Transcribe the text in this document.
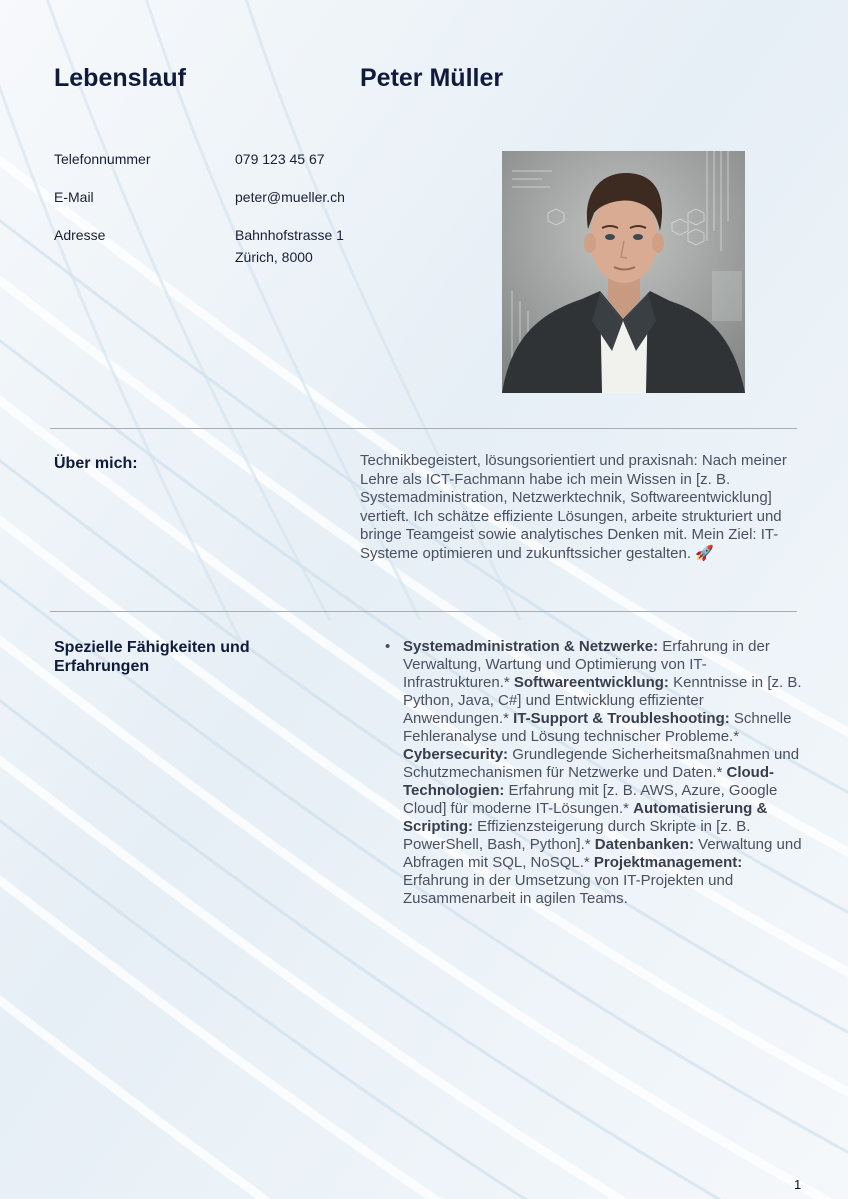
Lebenslauf	Peter Müller
Telefonnummer	079 123 45 67
E-Mail	peter@mueller.ch
Adresse	Bahnhofstrasse 1
Zürich, 8000
Über mich:	Technikbegeistert, lösungsorientiert und praxisnah: Nach meiner Lehre als ICT-Fachmann habe ich mein Wissen in [z. B. Systemadministration, Netzwerktechnik, Softwareentwicklung] vertieft. Ich schätze effiziente Lösungen, arbeite strukturiert und bringe Teamgeist sowie analytisches Denken mit. Mein Ziel: IT-Systeme optimieren und zukunftssicher gestalten. 🚀

Spezielle Fähigkeiten und Erfahrungen
• Systemadministration & Netzwerke: Erfahrung in der Verwaltung, Wartung und Optimierung von IT-Infrastrukturen.* Softwareentwicklung: Kenntnisse in [z. B. Python, Java, C#] und Entwicklung effizienter Anwendungen.* IT-Support & Troubleshooting: Schnelle Fehleranalyse und Lösung technischer Probleme.* Cybersecurity: Grundlegende Sicherheitsmaßnahmen und Schutzmechanismen für Netzwerke und Daten.* Cloud-Technologien: Erfahrung mit [z. B. AWS, Azure, Google Cloud] für moderne IT-Lösungen.* Automatisierung & Scripting: Effizienzsteigerung durch Skripte in [z. B. PowerShell, Bash, Python].* Datenbanken: Verwaltung und Abfragen mit SQL, NoSQL.* Projektmanagement: Erfahrung in der Umsetzung von IT-Projekten und Zusammenarbeit in agilen Teams.
1
